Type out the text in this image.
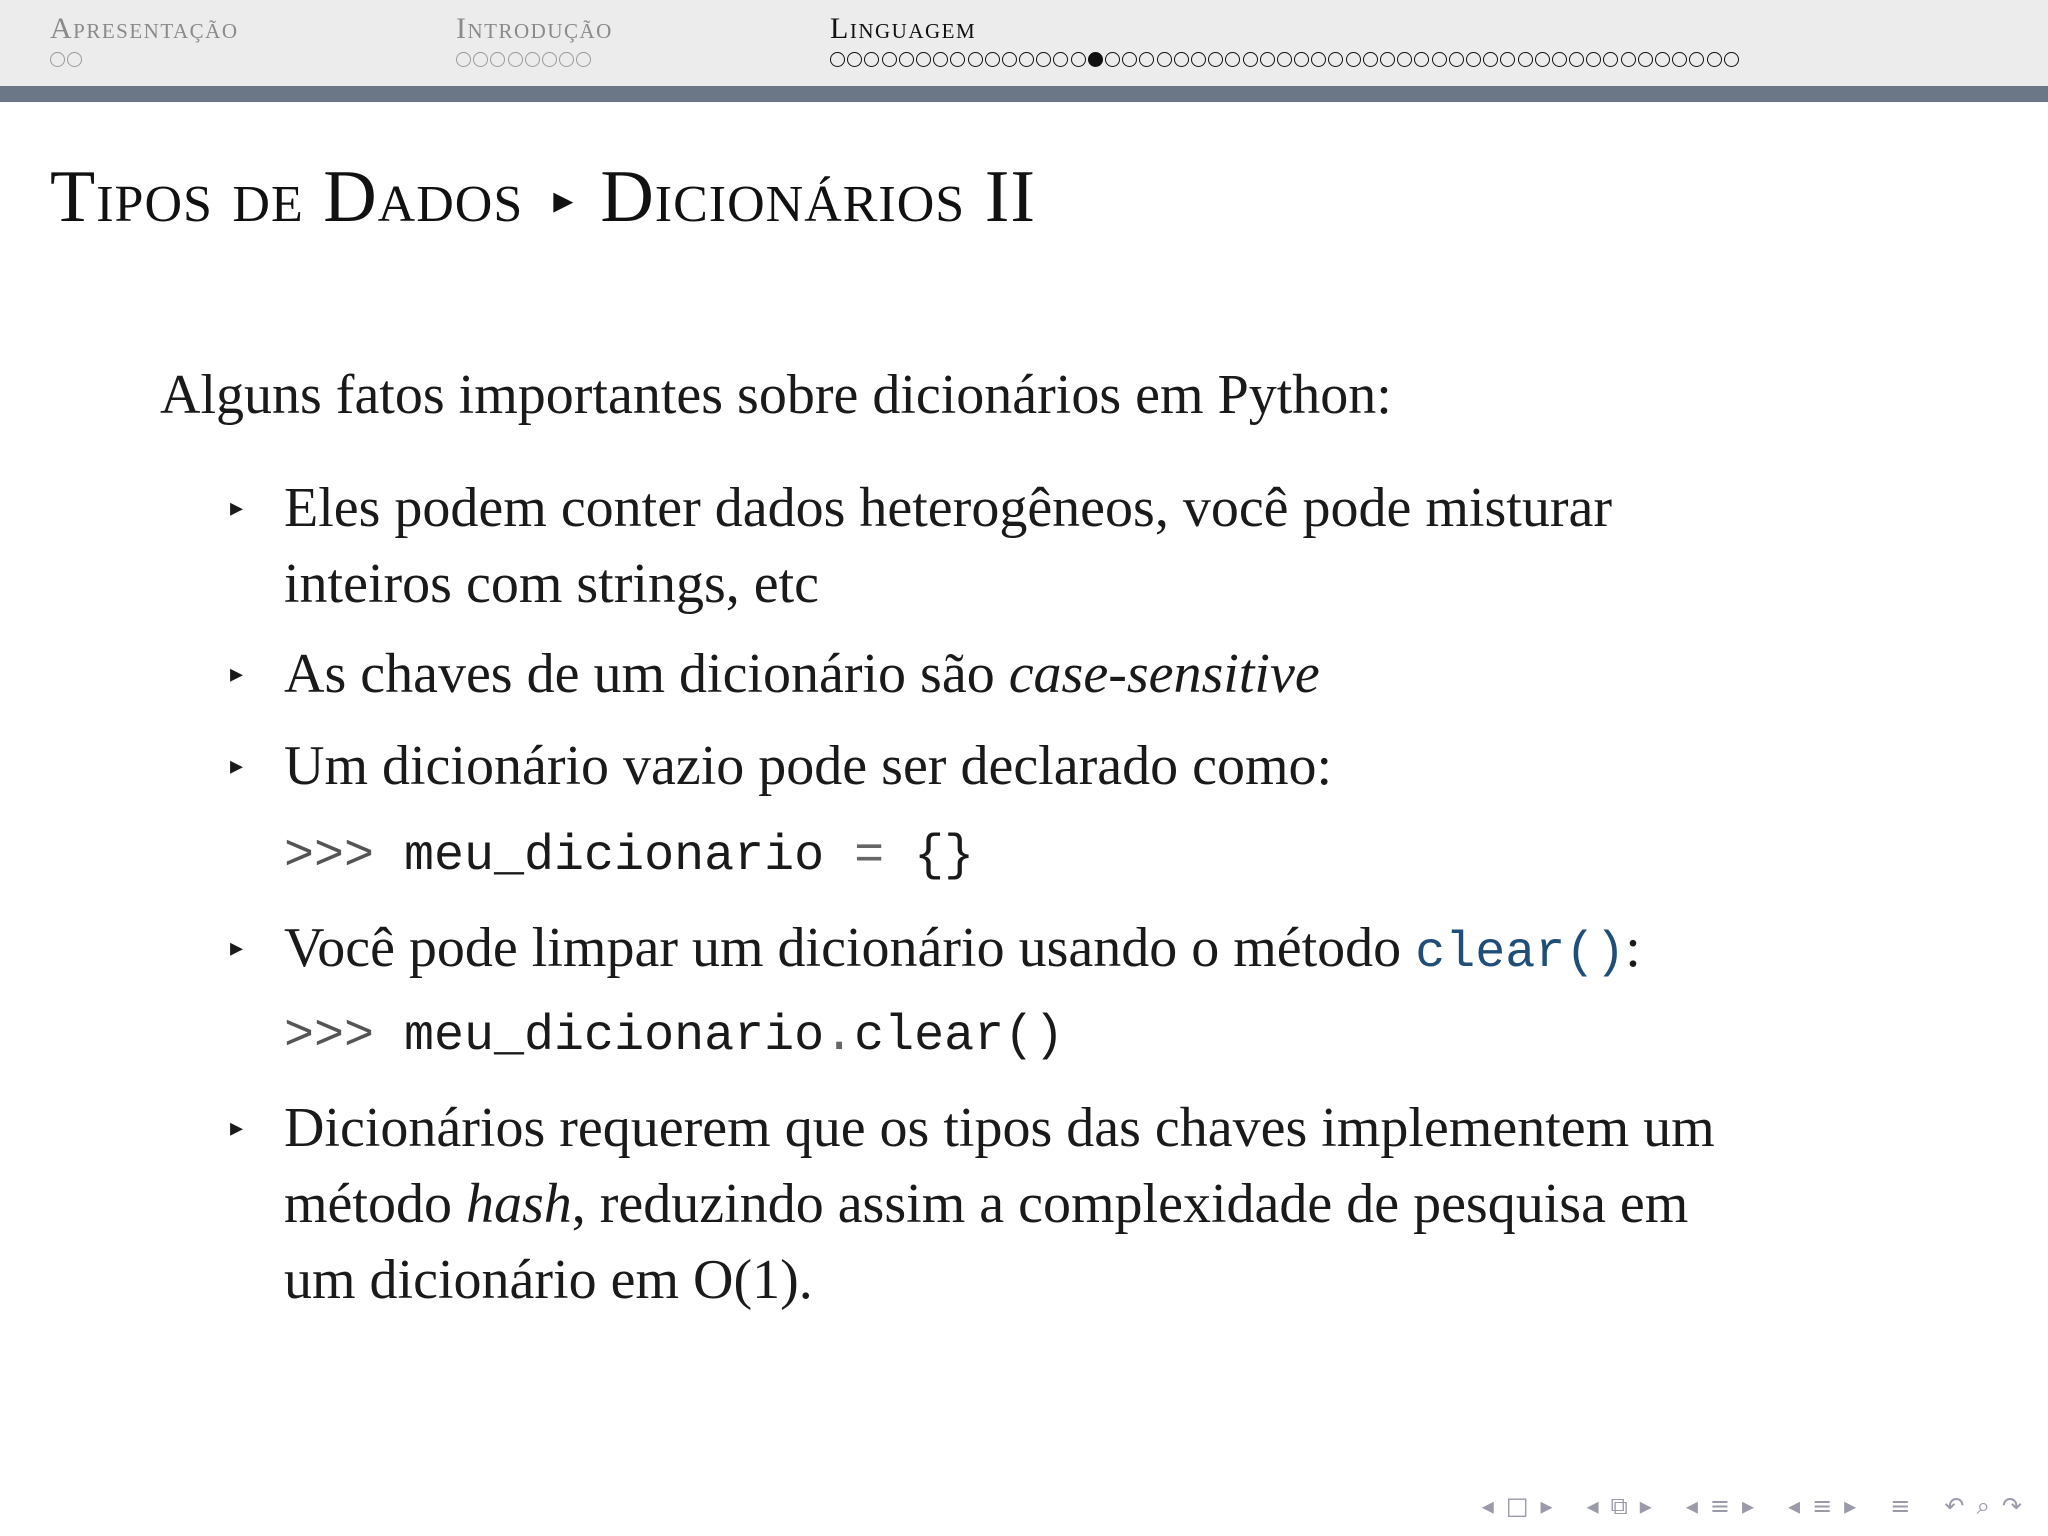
Apresentação	Introdução	Linguagem
Tipos de Dados ▸ Dicionários II
Alguns fatos importantes sobre dicionários em Python:
▸ Eles podem conter dados heterogêneos, você pode misturar
inteiros com strings, etc
▸ As chaves de um dicionário são case-sensitive
▸ Um dicionário vazio pode ser declarado como:
>>> meu_dicionario = {}
▸ Você pode limpar um dicionário usando o método clear():
>>> meu_dicionario.clear()
▸ Dicionários requerem que os tipos das chaves implementem um
método hash, reduzindo assim a complexidade de pesquisa em
um dicionário em O(1).
◂ □ ▸ ◂ ⧉ ▸ ◂ ≡ ▸ ◂ ≡ ▸ ≡ ↶ ⌕ ↷
